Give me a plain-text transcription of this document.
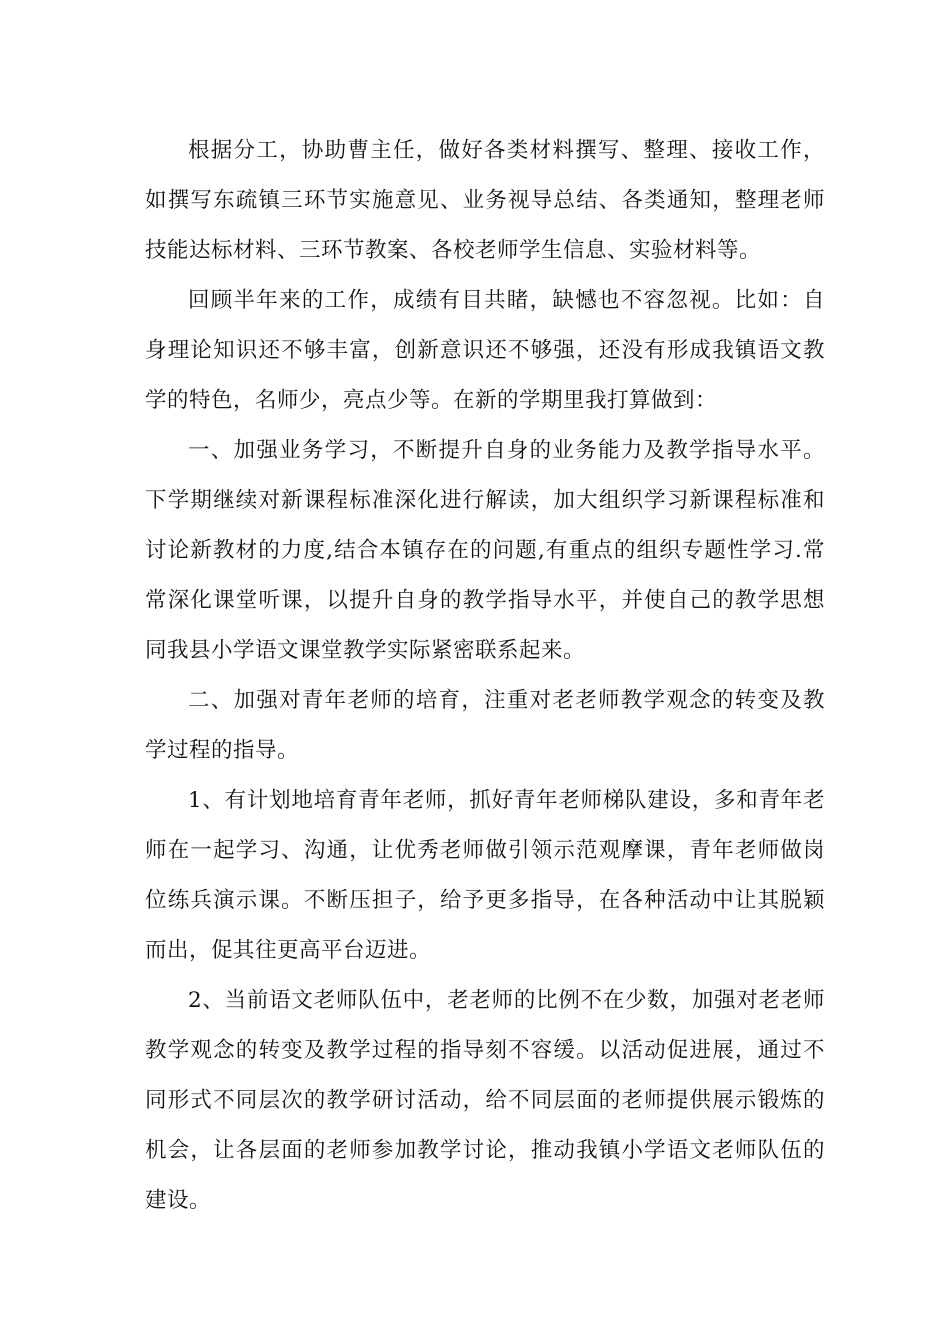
根据分工，协助曹主任，做好各类材料撰写、整理、接收工作，如撰写东疏镇三环节实施意见、业务视导总结、各类通知，整理老师技能达标材料、三环节教案、各校老师学生信息、实验材料等。

回顾半年来的工作，成绩有目共睹，缺憾也不容忽视。比如：自身理论知识还不够丰富，创新意识还不够强，还没有形成我镇语文教学的特色，名师少，亮点少等。在新的学期里我打算做到：

一、加强业务学习，不断提升自身的业务能力及教学指导水平。下学期继续对新课程标准深化进行解读，加大组织学习新课程标准和讨论新教材的力度,结合本镇存在的问题,有重点的组织专题性学习.常常深化课堂听课，以提升自身的教学指导水平，并使自己的教学思想同我县小学语文课堂教学实际紧密联系起来。

二、加强对青年老师的培育，注重对老老师教学观念的转变及教学过程的指导。

1、有计划地培育青年老师，抓好青年老师梯队建设，多和青年老师在一起学习、沟通，让优秀老师做引领示范观摩课，青年老师做岗位练兵演示课。不断压担子，给予更多指导，在各种活动中让其脱颖而出，促其往更高平台迈进。

2、当前语文老师队伍中，老老师的比例不在少数，加强对老老师教学观念的转变及教学过程的指导刻不容缓。以活动促进展，通过不同形式不同层次的教学研讨活动，给不同层面的老师提供展示锻炼的机会，让各层面的老师参加教学讨论，推动我镇小学语文老师队伍的建设。
